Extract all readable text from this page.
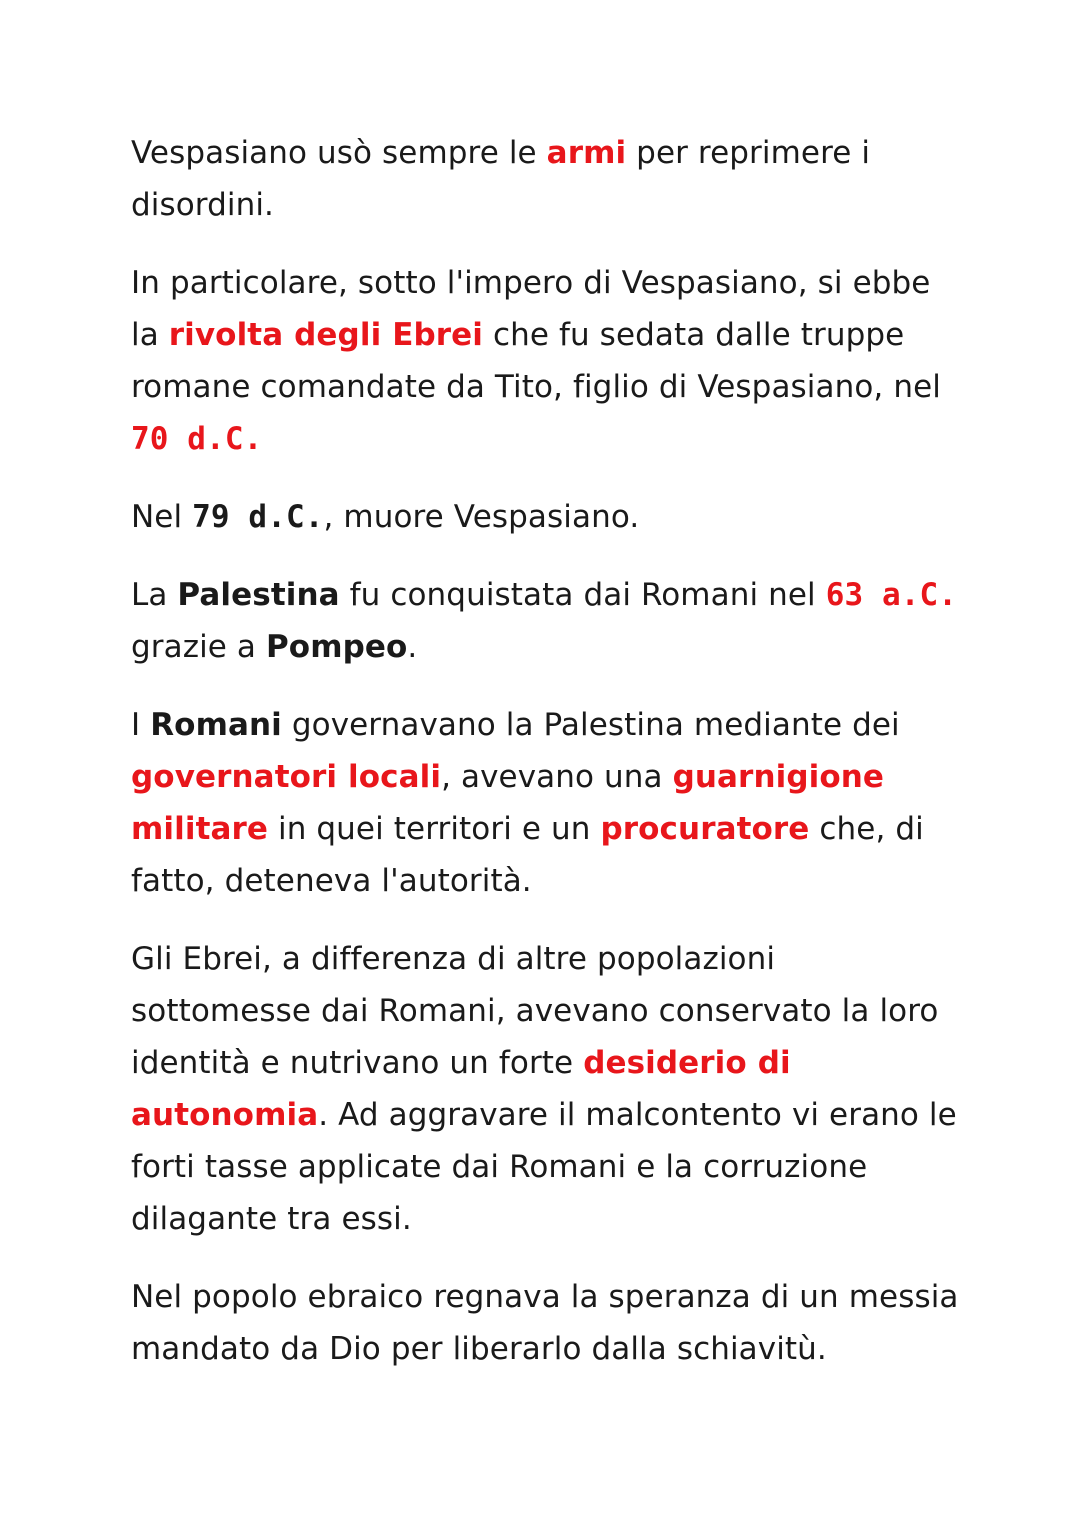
Vespasiano usò sempre le armi per reprimere i disordini.

In particolare, sotto l'impero di Vespasiano, si ebbe la rivolta degli Ebrei che fu sedata dalle truppe romane comandate da Tito, figlio di Vespasiano, nel 70 d.C.

Nel 79 d.C., muore Vespasiano.

La Palestina fu conquistata dai Romani nel 63 a.C. grazie a Pompeo.

I Romani governavano la Palestina mediante dei governatori locali, avevano una guarnigione militare in quei territori e un procuratore che, di fatto, deteneva l'autorità.

Gli Ebrei, a differenza di altre popolazioni sottomesse dai Romani, avevano conservato la loro identità e nutrivano un forte desiderio di autonomia. Ad aggravare il malcontento vi erano le forti tasse applicate dai Romani e la corruzione dilagante tra essi.

Nel popolo ebraico regnava la speranza di un messia mandato da Dio per liberarlo dalla schiavitù.
